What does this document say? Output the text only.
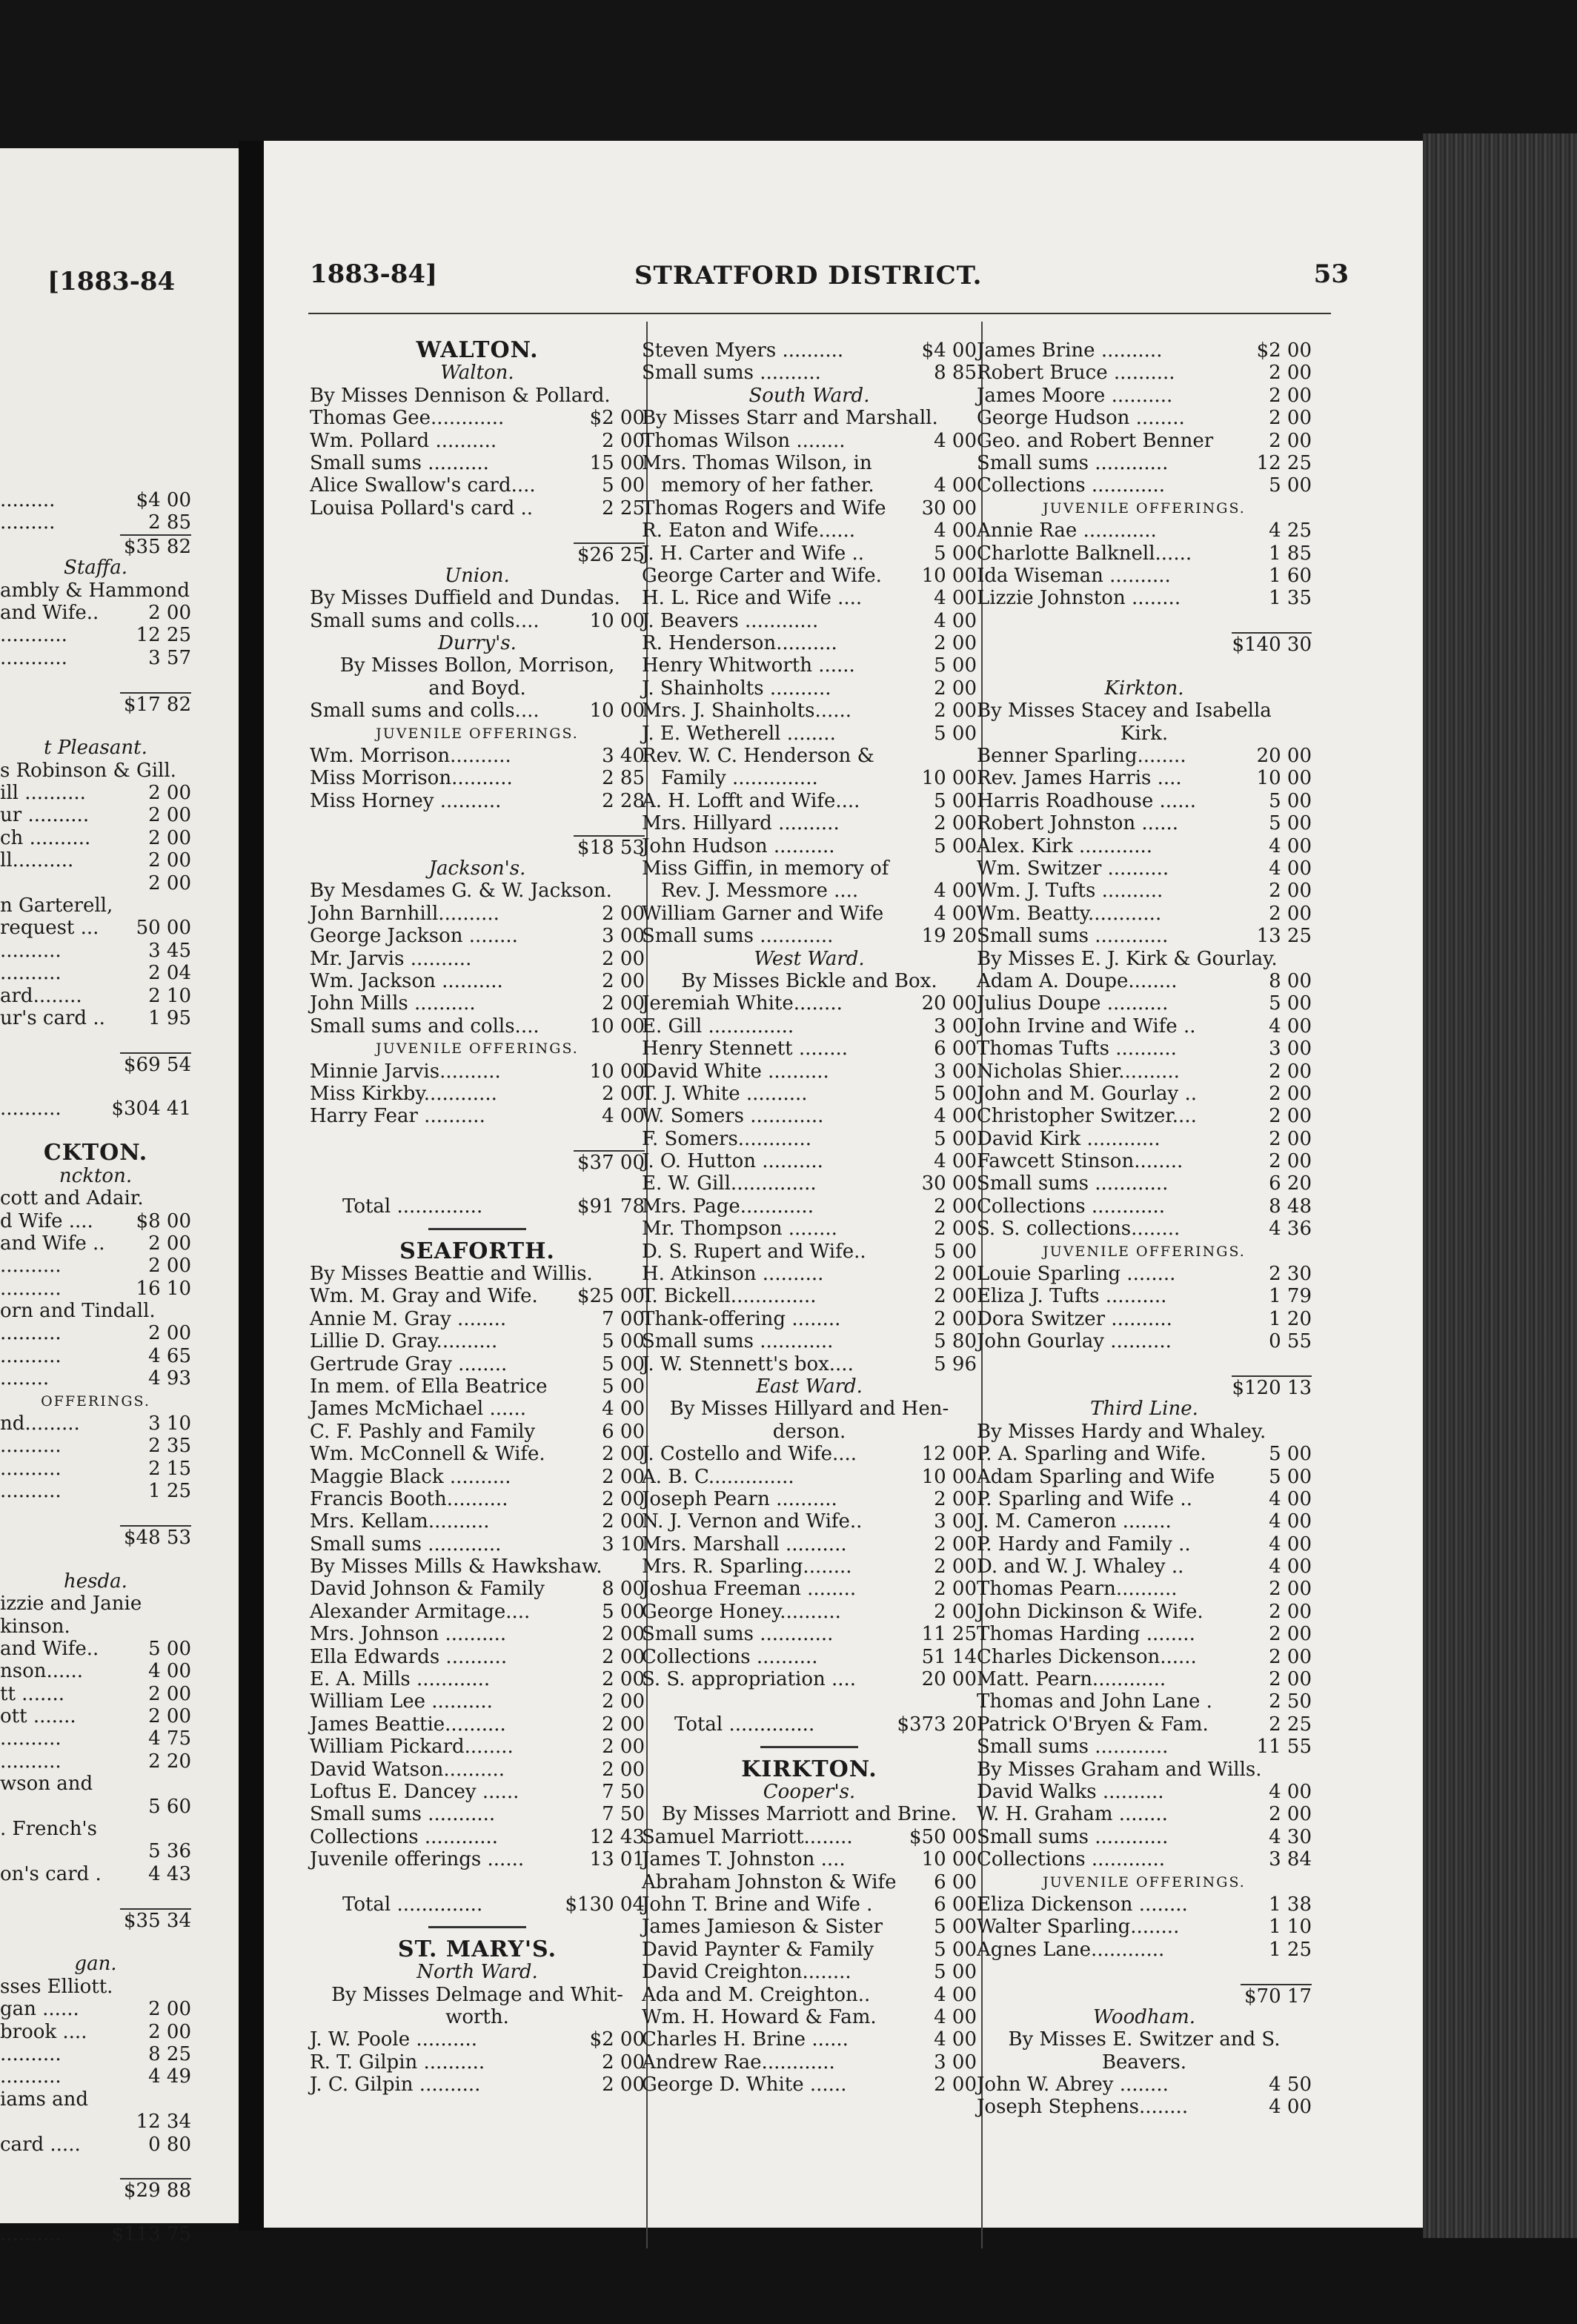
[1883-84
.........	$4 00
.........	2 85
$35 82
Staffa.
ambly & Hammond
and Wife..	2 00
...........	12 25
...........	3 57
$17 82
t Pleasant.
s Robinson & Gill.
ill ..........	2 00
ur ..........	2 00
ch ..........	2 00
ll..........	2 00
2 00
n Garterell,
request ...	50 00
..........	3 45
..........	2 04
ard........	2 10
ur's card ..	1 95
$69 54
..........	$304 41
CKTON.
nckton.
cott and Adair.
d Wife ....	$8 00
and Wife ..	2 00
..........	2 00
..........	16 10
orn and Tindall.
..........	2 00
..........	4 65
........	4 93
OFFERINGS.
nd.........	3 10
..........	2 35
..........	2 15
..........	1 25
$48 53
hesda.
izzie and Janie
kinson.
and Wife..	5 00
nson......	4 00
tt .......	2 00
ott .......	2 00
..........	4 75
..........	2 20
wson and
5 60
. French's
5 36
on's card .	4 43
$35 34
gan.
sses Elliott.
gan ......	2 00
brook ....	2 00
..........	8 25
..........	4 49
iams and
12 34
card .....	0 80
$29 88
..........	$113 75
1883-84]	STRATFORD DISTRICT.	53
WALTON.
Walton.
By Misses Dennison & Pollard.
Thomas Gee............	$2 00
Wm. Pollard ..........	2 00
Small sums ..........	15 00
Alice Swallow's card....	5 00
Louisa Pollard's card ..	2 25
$26 25
Union.
By Misses Duffield and Dundas.
Small sums and colls....	10 00
Durry's.
By Misses Bollon, Morrison,
and Boyd.
Small sums and colls....	10 00
JUVENILE OFFERINGS.
Wm. Morrison..........	3 40
Miss Morrison..........	2 85
Miss Horney ..........	2 28
$18 53
Jackson's.
By Mesdames G. & W. Jackson.
John Barnhill..........	2 00
George Jackson ........	3 00
Mr. Jarvis ..........	2 00
Wm. Jackson ..........	2 00
John Mills ..........	2 00
Small sums and colls....	10 00
JUVENILE OFFERINGS.
Minnie Jarvis..........	10 00
Miss Kirkby............	2 00
Harry Fear ..........	4 00
$37 00
Total ..............	$91 78
SEAFORTH.
By Misses Beattie and Willis.
Wm. M. Gray and Wife.	$25 00
Annie M. Gray ........	7 00
Lillie D. Gray..........	5 00
Gertrude Gray ........	5 00
In mem. of Ella Beatrice	5 00
James McMichael ......	4 00
C. F. Pashly and Family	6 00
Wm. McConnell & Wife.	2 00
Maggie Black ..........	2 00
Francis Booth..........	2 00
Mrs. Kellam..........	2 00
Small sums ............	3 10
By Misses Mills & Hawkshaw.
David Johnson & Family	8 00
Alexander Armitage....	5 00
Mrs. Johnson ..........	2 00
Ella Edwards ..........	2 00
E. A. Mills ............	2 00
William Lee ..........	2 00
James Beattie..........	2 00
William Pickard........	2 00
David Watson..........	2 00
Loftus E. Dancey ......	7 50
Small sums ...........	7 50
Collections ............	12 43
Juvenile offerings ......	13 01
Total ..............	$130 04
ST. MARY'S.
North Ward.
By Misses Delmage and Whit-
worth.
J. W. Poole ..........	$2 00
R. T. Gilpin ..........	2 00
J. C. Gilpin ..........	2 00
Steven Myers ..........	$4 00
Small sums ..........	8 85
South Ward.
By Misses Starr and Marshall.
Thomas Wilson ........	4 00
Mrs. Thomas Wilson, in
memory of her father.	4 00
Thomas Rogers and Wife	30 00
R. Eaton and Wife......	4 00
J. H. Carter and Wife ..	5 00
George Carter and Wife.	10 00
H. L. Rice and Wife ....	4 00
J. Beavers ............	4 00
R. Henderson..........	2 00
Henry Whitworth ......	5 00
J. Shainholts ..........	2 00
Mrs. J. Shainholts......	2 00
J. E. Wetherell ........	5 00
Rev. W. C. Henderson &
Family ..............	10 00
A. H. Lofft and Wife....	5 00
Mrs. Hillyard ..........	2 00
John Hudson ..........	5 00
Miss Giffin, in memory of
Rev. J. Messmore ....	4 00
William Garner and Wife	4 00
Small sums ............	19 20
West Ward.
By Misses Bickle and Box.
Jeremiah White........	20 00
E. Gill ..............	3 00
Henry Stennett ........	6 00
David White ..........	3 00
T. J. White ..........	5 00
W. Somers ............	4 00
F. Somers............	5 00
J. O. Hutton ..........	4 00
E. W. Gill..............	30 00
Mrs. Page............	2 00
Mr. Thompson ........	2 00
D. S. Rupert and Wife..	5 00
H. Atkinson ..........	2 00
T. Bickell..............	2 00
Thank-offering ........	2 00
Small sums ............	5 80
J. W. Stennett's box....	5 96
East Ward.
By Misses Hillyard and Hen-
derson.
J. Costello and Wife....	12 00
A. B. C..............	10 00
Joseph Pearn ..........	2 00
N. J. Vernon and Wife..	3 00
Mrs. Marshall ..........	2 00
Mrs. R. Sparling........	2 00
Joshua Freeman ........	2 00
George Honey..........	2 00
Small sums ............	11 25
Collections ..........	51 14
S. S. appropriation ....	20 00
Total ..............	$373 20
KIRKTON.
Cooper's.
By Misses Marriott and Brine.
Samuel Marriott........	$50 00
James T. Johnston ....	10 00
Abraham Johnston & Wife	6 00
John T. Brine and Wife .	6 00
James Jamieson & Sister	5 00
David Paynter & Family	5 00
David Creighton........	5 00
Ada and M. Creighton..	4 00
Wm. H. Howard & Fam.	4 00
Charles H. Brine ......	4 00
Andrew Rae............	3 00
George D. White ......	2 00
James Brine ..........	$2 00
Robert Bruce ..........	2 00
James Moore ..........	2 00
George Hudson ........	2 00
Geo. and Robert Benner	2 00
Small sums ............	12 25
Collections ............	5 00
JUVENILE OFFERINGS.
Annie Rae ............	4 25
Charlotte Balknell......	1 85
Ida Wiseman ..........	1 60
Lizzie Johnston ........	1 35
$140 30
Kirkton.
By Misses Stacey and Isabella
Kirk.
Benner Sparling........	20 00
Rev. James Harris ....	10 00
Harris Roadhouse ......	5 00
Robert Johnston ......	5 00
Alex. Kirk ............	4 00
Wm. Switzer ..........	4 00
Wm. J. Tufts ..........	2 00
Wm. Beatty............	2 00
Small sums ............	13 25
By Misses E. J. Kirk & Gourlay.
Adam A. Doupe........	8 00
Julius Doupe ..........	5 00
John Irvine and Wife ..	4 00
Thomas Tufts ..........	3 00
Nicholas Shier..........	2 00
John and M. Gourlay ..	2 00
Christopher Switzer....	2 00
David Kirk ............	2 00
Fawcett Stinson........	2 00
Small sums ............	6 20
Collections ............	8 48
S. S. collections........	4 36
JUVENILE OFFERINGS.
Louie Sparling ........	2 30
Eliza J. Tufts ..........	1 79
Dora Switzer ..........	1 20
John Gourlay ..........	0 55
$120 13
Third Line.
By Misses Hardy and Whaley.
P. A. Sparling and Wife.	5 00
Adam Sparling and Wife	5 00
P. Sparling and Wife ..	4 00
J. M. Cameron ........	4 00
P. Hardy and Family ..	4 00
D. and W. J. Whaley ..	4 00
Thomas Pearn..........	2 00
John Dickinson & Wife.	2 00
Thomas Harding ........	2 00
Charles Dickenson......	2 00
Matt. Pearn............	2 00
Thomas and John Lane .	2 50
Patrick O'Bryen & Fam.	2 25
Small sums ............	11 55
By Misses Graham and Wills.
David Walks ..........	4 00
W. H. Graham ........	2 00
Small sums ............	4 30
Collections ............	3 84
JUVENILE OFFERINGS.
Eliza Dickenson ........	1 38
Walter Sparling........	1 10
Agnes Lane............	1 25
$70 17
Woodham.
By Misses E. Switzer and S.
Beavers.
John W. Abrey ........	4 50
Joseph Stephens........	4 00
